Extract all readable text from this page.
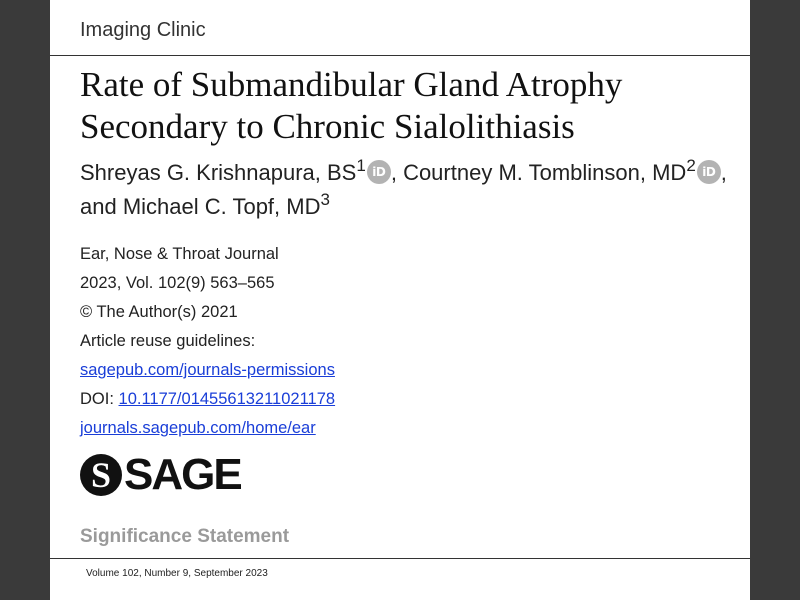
Imaging Clinic
Rate of Submandibular Gland Atrophy Secondary to Chronic Sialolithiasis
Shreyas G. Krishnapura, $BS^1$ iD , Courtney M. Tomblinson, $MD^2$ iD , and Michael C. Topf, $MD^3$
Ear, Nose & Throat Journal
2023, Vol. 102(9) 563–565
© The Author(s) 2021
Article reuse guidelines:
sagepub.com/journals-permissions
DOI: 10.1177/01455613211021178
journals.sagepub.com/home/ear
S SAGE
Significance Statement
Volume 102, Number 9, September 2023
